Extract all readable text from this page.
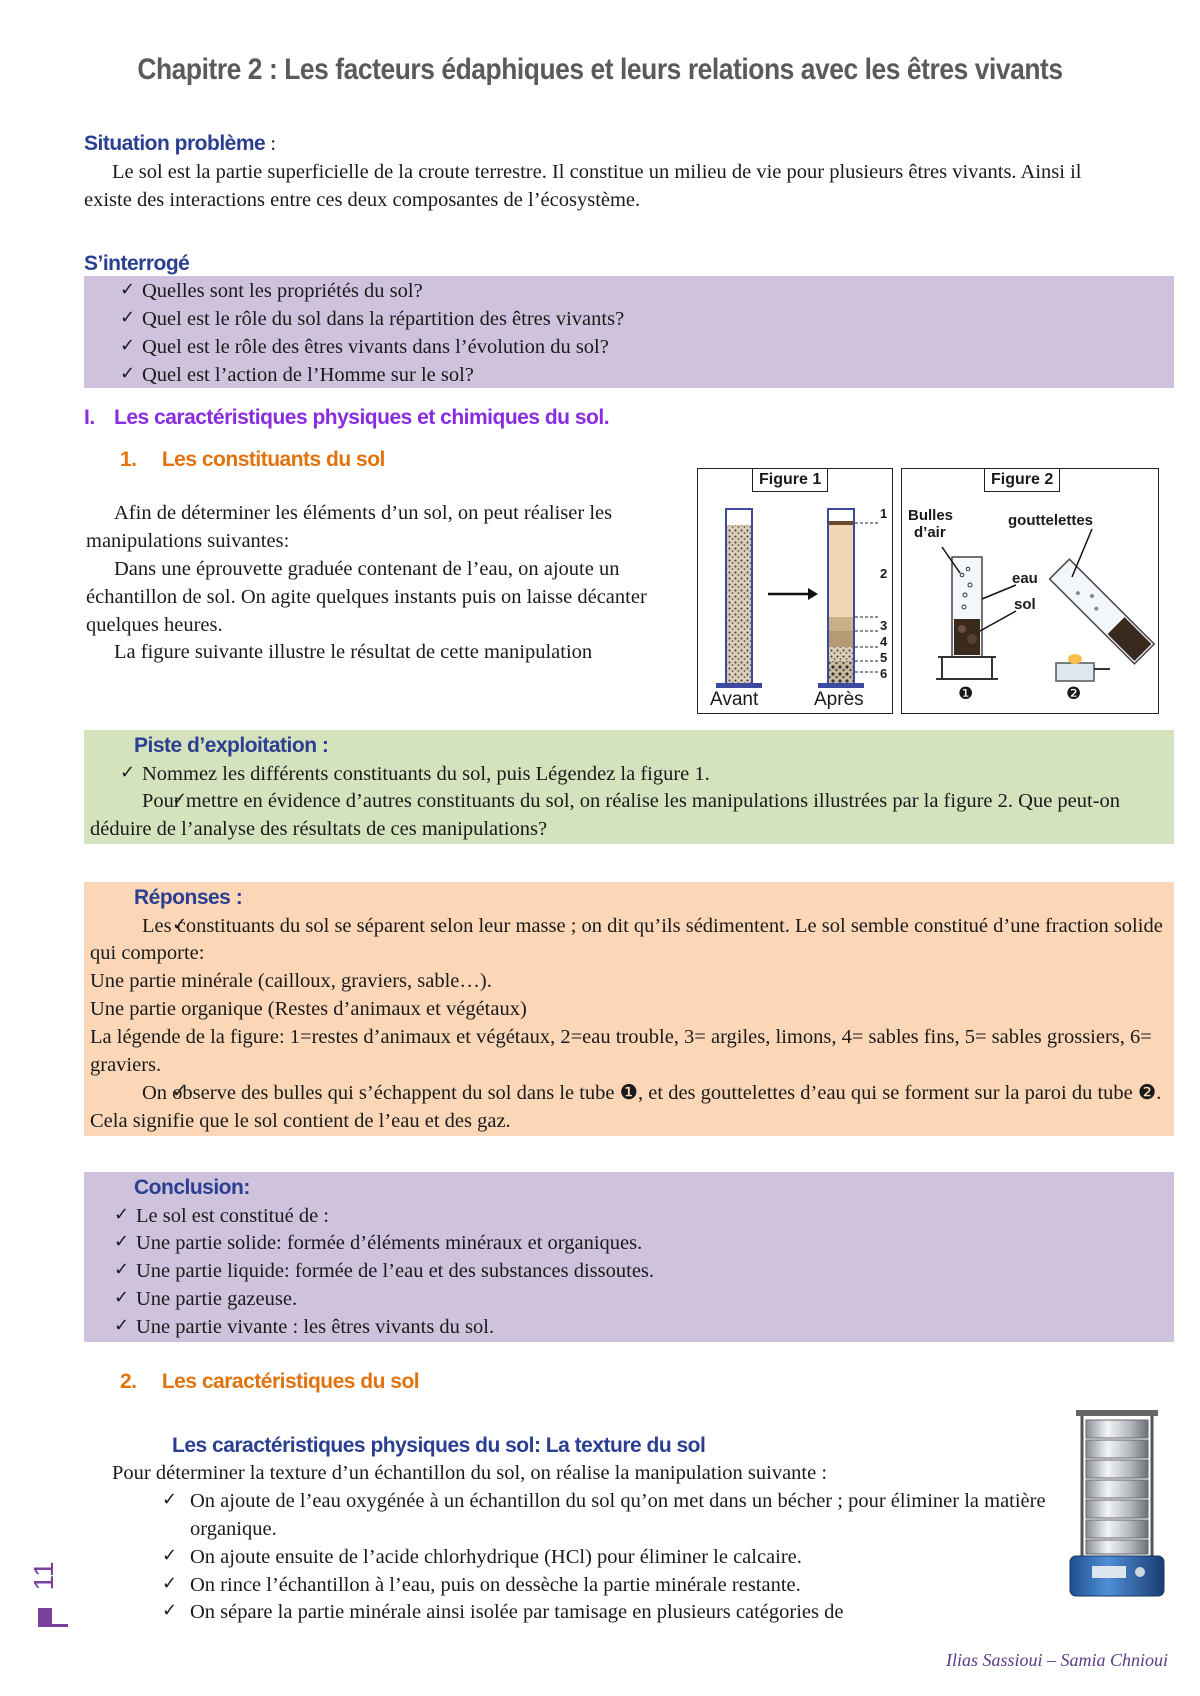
Chapitre 2 : Les facteurs édaphiques et leurs relations avec les êtres vivants
Situation problème :
Le sol est la partie superficielle de la croute terrestre. Il constitue un milieu de vie pour plusieurs êtres vivants. Ainsi il existe des interactions entre ces deux composantes de l’écosystème.
S’interrogé
✓ Quelles sont les propriétés du sol?
✓ Quel est le rôle du sol dans la répartition des êtres vivants?
✓ Quel est le rôle des êtres vivants dans l’évolution du sol?
✓ Quel est l’action de l’Homme sur le sol?
I. Les caractéristiques physiques et chimiques du sol.
1. Les constituants du sol
Afin de déterminer les éléments d’un sol, on peut réaliser les manipulations suivantes:
Dans une éprouvette graduée contenant de l’eau, on ajoute un échantillon de sol. On agite quelques instants puis on laisse décanter quelques heures.
La figure suivante illustre le résultat de cette manipulation
Figure 1
1
2
3
4
5
6
Avant	Après
Figure 2
Bulles
d’air
gouttelettes
eau
sol
❶	❷
Piste d’exploitation :
✓ Nommez les différents constituants du sol, puis Légendez la figure 1.
✓ Pour mettre en évidence d’autres constituants du sol, on réalise les manipulations illustrées par la figure 2. Que peut-on déduire de l’analyse des résultats de ces manipulations?
Réponses :
✓ Les constituants du sol se séparent selon leur masse ; on dit qu’ils sédimentent. Le sol semble constitué d’une fraction solide qui comporte:
Une partie minérale (cailloux, graviers, sable…).
Une partie organique (Restes d’animaux et végétaux)
La légende de la figure: 1=restes d’animaux et végétaux, 2=eau trouble, 3= argiles, limons, 4= sables fins, 5= sables grossiers, 6= graviers.
✓ On observe des bulles qui s’échappent du sol dans le tube ❶, et des gouttelettes d’eau qui se forment sur la paroi du tube ❷. Cela signifie que le sol contient de l’eau et des gaz.
Conclusion:
✓ Le sol est constitué de :
✓ Une partie solide: formée d’éléments minéraux et organiques.
✓ Une partie liquide: formée de l’eau et des substances dissoutes.
✓ Une partie gazeuse.
✓ Une partie vivante : les êtres vivants du sol.
2. Les caractéristiques du sol
Les caractéristiques physiques du sol: La texture du sol
Pour déterminer la texture d’un échantillon du sol, on réalise la manipulation suivante :
✓ On ajoute de l’eau oxygénée à un échantillon du sol qu’on met dans un bécher ; pour éliminer la matière organique.
✓ On ajoute ensuite de l’acide chlorhydrique (HCl) pour éliminer le calcaire.
✓ On rince l’échantillon à l’eau, puis on dessèche la partie minérale restante.
✓ On sépare la partie minérale ainsi isolée par tamisage en plusieurs catégories de
11
Ilias Sassioui – Samia Chnioui
